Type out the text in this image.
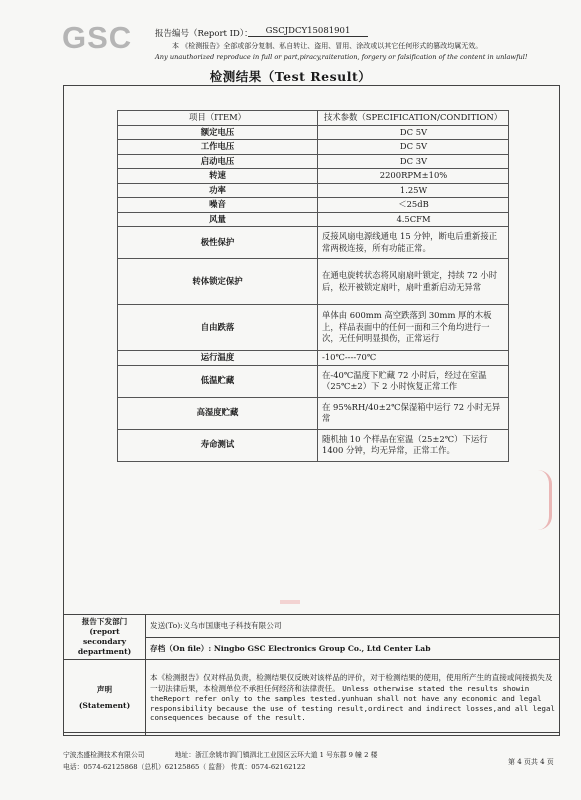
GSC	报告编号（Report ID）：	GSCJDCY15081901
本 《检测报告》全部或部分复制、私自转让、盗用、冒用、涂改或以其它任何形式的篡改均属无效。
Any unauthorized reproduce in full or part,piracy,raiteration, forgery or falsification of the content in unlawful!
检测结果（Test Result）
项目（ITEM）	技术参数（SPECIFICATION/CONDITION）
额定电压	DC 5V
工作电压	DC 5V
启动电压	DC 3V
转速	2200RPM±10%
功率	1.25W
噪音	＜25dB
风量	4.5CFM
极性保护	反接风扇电源线通电 15 分钟，断电后重新接正常两极连接，所有功能正常。
转体锁定保护	在通电旋转状态将风扇扇叶锁定，持续 72 小时后，松开被锁定扇叶，扇叶重新启动无异常
自由跌落	单体由 600mm 高空跌落到 30mm 厚的木板上，样品表面中的任何一面和三个角均进行一次，无任何明显损伤，正常运行
运行温度	-10℃----70℃
低温贮藏	在-40℃温度下贮藏 72 小时后，经过在室温（25℃±2）下 2 小时恢复正常工作
高湿度贮藏	在 95%RH/40±2℃保湿箱中运行 72 小时无异常
寿命测试	随机抽 10 个样品在室温（25±2℃）下运行 1400 分钟，均无异常，正常工作。
报告下发部门
(report secondary department)	发送(To):义乌市国康电子科技有限公司
	存档（On file）: Ningbo GSC Electronics Group Co., Ltd Center Lab

声明
(Statement)	本《检测报告》仅对样品负责，检测结果仅反映对该样品的评价，对于检测结果的使用，使用所产生的直接或间接损失及一切法律后果，本检测单位不承担任何经济和法律责任。 Unless otherwise stated the results showin theReport refer only to the samples tested.yunhuan shall not have any economic and legal responsibility because the use of testing result,ordirect and indirect losses,and all legal consequences because of the result.
宁波杰盛检测技术有限公司	地址：浙江余姚市泗门镇泗北工业园区云环大道 1 号东郡 9 幢 2 楼
电话：0574-62125868（总机）62125865（ 监督） 传真：0574-62162122
第 4 页共 4 页
